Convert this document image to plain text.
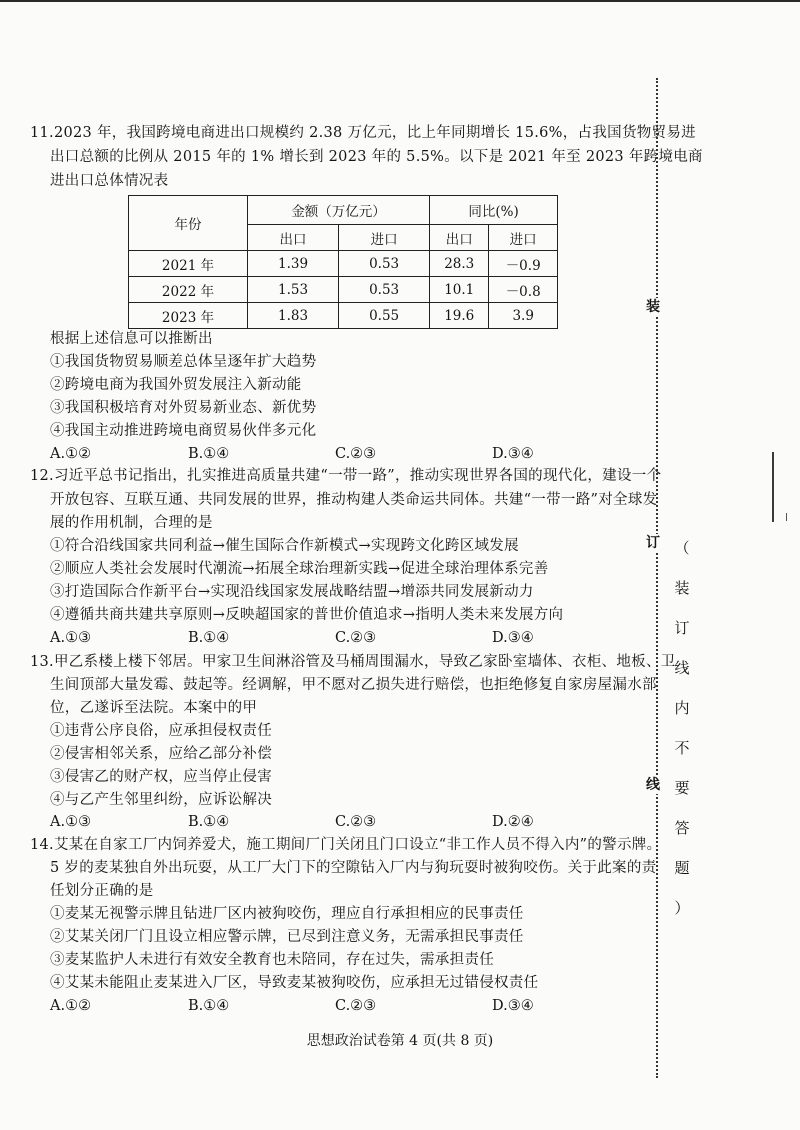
11.2023 年，我国跨境电商进出口规模约 2.38 万亿元，比上年同期增长 15.6%，占我国货物贸易进
出口总额的比例从 2015 年的 1% 增长到 2023 年的 5.5%。以下是 2021 年至 2023 年跨境电商
进出口总体情况表
年份	金额（万亿元）		同比(%)	
	出口	进口	出口	进口
2021 年	1.39	0.53	28.3	－0.9
2022 年	1.53	0.53	10.1	－0.8
2023 年	1.83	0.55	19.6	3.9
根据上述信息可以推断出
①我国货物贸易顺差总体呈逐年扩大趋势
②跨境电商为我国外贸发展注入新动能
③我国积极培育对外贸易新业态、新优势
④我国主动推进跨境电商贸易伙伴多元化
A.①②	B.①④	C.②③	D.③④
12.习近平总书记指出，扎实推进高质量共建“一带一路”，推动实现世界各国的现代化，建设一个
开放包容、互联互通、共同发展的世界，推动构建人类命运共同体。共建“一带一路”对全球发
展的作用机制，合理的是
①符合沿线国家共同利益→催生国际合作新模式→实现跨文化跨区域发展
②顺应人类社会发展时代潮流→拓展全球治理新实践→促进全球治理体系完善
③打造国际合作新平台→实现沿线国家发展战略结盟→增添共同发展新动力
④遵循共商共建共享原则→反映超国家的普世价值追求→指明人类未来发展方向
A.①③	B.①④	C.②③	D.③④
13.甲乙系楼上楼下邻居。甲家卫生间淋浴管及马桶周围漏水，导致乙家卧室墙体、衣柜、地板、卫
生间顶部大量发霉、鼓起等。经调解，甲不愿对乙损失进行赔偿，也拒绝修复自家房屋漏水部
位，乙遂诉至法院。本案中的甲
①违背公序良俗，应承担侵权责任
②侵害相邻关系，应给乙部分补偿
③侵害乙的财产权，应当停止侵害
④与乙产生邻里纠纷，应诉讼解决
A.①③	B.①④	C.②③	D.②④
14.艾某在自家工厂内饲养爱犬，施工期间厂门关闭且门口设立“非工作人员不得入内”的警示牌。
5 岁的麦某独自外出玩耍，从工厂大门下的空隙钻入厂内与狗玩耍时被狗咬伤。关于此案的责
任划分正确的是
①麦某无视警示牌且钻进厂区内被狗咬伤，理应自行承担相应的民事责任
②艾某关闭厂门且设立相应警示牌，已尽到注意义务，无需承担民事责任
③麦某监护人未进行有效安全教育也未陪同，存在过失，需承担责任
④艾某未能阻止麦某进入厂区，导致麦某被狗咬伤，应承担无过错侵权责任
A.①②	B.①④	C.②③	D.③④
装
订
线
（
装
订
线
内
不
要
答
题
）
思想政治试卷第 4 页(共 8 页)
